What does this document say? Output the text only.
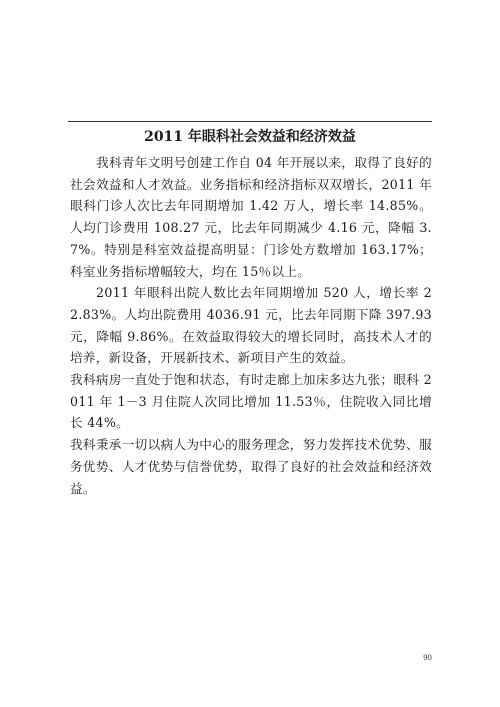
2011 年眼科社会效益和经济效益

我科青年文明号创建工作自 04 年开展以来，取得了良好的社会效益和人才效益。业务指标和经济指标双双增长，2011 年眼科门诊人次比去年同期增加 1.42 万人，增长率 14.85%。人均门诊费用 108.27 元，比去年同期减少 4.16 元，降幅 3.7%。特别是科室效益提高明显：门诊处方数增加 163.17%；科室业务指标增幅较大，均在 15％以上。

2011 年眼科出院人数比去年同期增加 520 人，增长率 22.83%。人均出院费用 4036.91 元，比去年同期下降 397.93 元，降幅 9.86%。在效益取得较大的增长同时，高技术人才的培养，新设备，开展新技术、新项目产生的效益。

我科病房一直处于饱和状态，有时走廊上加床多达九张；眼科 2011 年 1－3 月住院人次同比增加 11.53％，住院收入同比增长 44%。

我科秉承一切以病人为中心的服务理念，努力发挥技术优势、服务优势、人才优势与信誉优势，取得了良好的社会效益和经济效益。

90
